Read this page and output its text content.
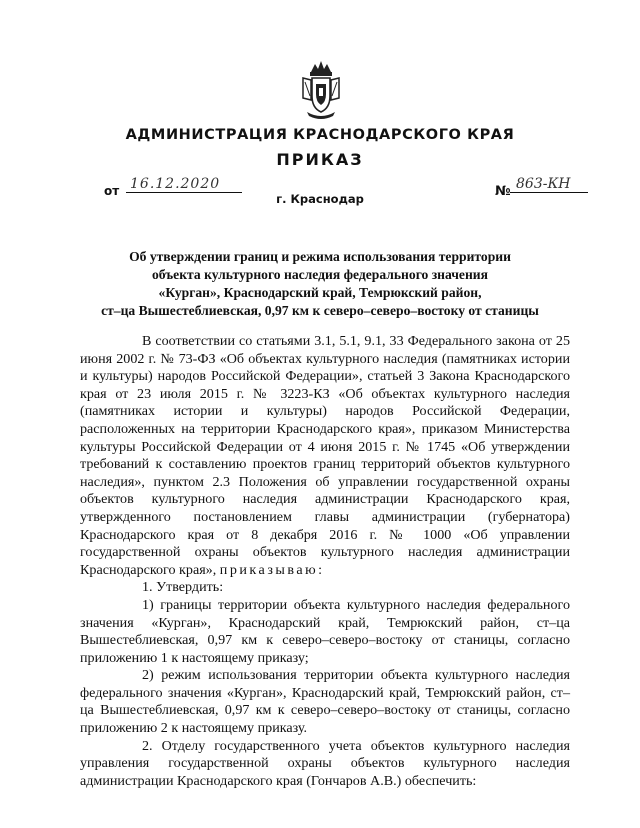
АДМИНИСТРАЦИЯ КРАСНОДАРСКОГО КРАЯ
ПРИКАЗ
от 16.12.2020	№ 863-КН
г. Краснодар
Об утверждении границ и режима использования территории
объекта культурного наследия федерального значения
«Курган», Краснодарский край, Темрюкский район,
ст–ца Вышестеблиевская, 0,97 км к северо–северо–востоку от станицы

В соответствии со статьями 3.1, 5.1, 9.1, 33 Федерального закона от 25 июня 2002 г. № 73-ФЗ «Об объектах культурного наследия (памятниках истории и культуры) народов Российской Федерации», статьей 3 Закона Краснодарского края от 23 июля 2015 г. № 3223-КЗ «Об объектах культурного наследия (памятниках истории и культуры) народов Российской Федерации, расположенных на территории Краснодарского края», приказом Министерства культуры Российской Федерации от 4 июня 2015 г. № 1745 «Об утверждении требований к составлению проектов границ территорий объектов культурного наследия», пунктом 2.3 Положения об управлении государственной охраны объектов культурного наследия администрации Краснодарского края, утвержденного постановлением главы администрации (губернатора) Краснодарского края от 8 декабря 2016 г. № 1000 «Об управлении государственной охраны объектов культурного наследия администрации Краснодарского края», приказываю:

1. Утвердить:

1) границы территории объекта культурного наследия федерального значения «Курган», Краснодарский край, Темрюкский район, ст–ца Вышестеблиевская, 0,97 км к северо–северо–востоку от станицы, согласно приложению 1 к настоящему приказу;

2) режим использования территории объекта культурного наследия федерального значения «Курган», Краснодарский край, Темрюкский район, ст–ца Вышестеблиевская, 0,97 км к северо–северо–востоку от станицы, согласно приложению 2 к настоящему приказу.

2. Отделу государственного учета объектов культурного наследия управления государственной охраны объектов культурного наследия администрации Краснодарского края (Гончаров А.В.) обеспечить:
